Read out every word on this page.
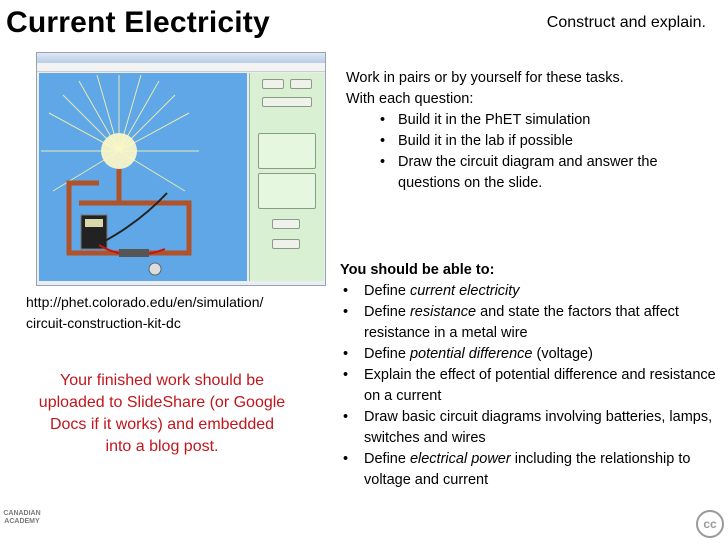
Current Electricity	Construct and explain.
http://phet.colorado.edu/en/simulation/
circuit-construction-kit-dc
Your finished work should be uploaded to SlideShare (or Google Docs if it works) and embedded into a blog post.
Work in pairs or by yourself for these tasks.
With each question:
• Build it in the PhET simulation
• Build it in the lab if possible
• Draw the circuit diagram and answer the questions on the slide.
You should be able to:
• Define current electricity
• Define resistance and state the factors that affect resistance in a metal wire
• Define potential difference (voltage)
• Explain the effect of potential difference and resistance on a current
• Draw basic circuit diagrams involving batteries, lamps, switches and wires
• Define electrical power including the relationship to voltage and current
CANADIAN ACADEMY	cc
